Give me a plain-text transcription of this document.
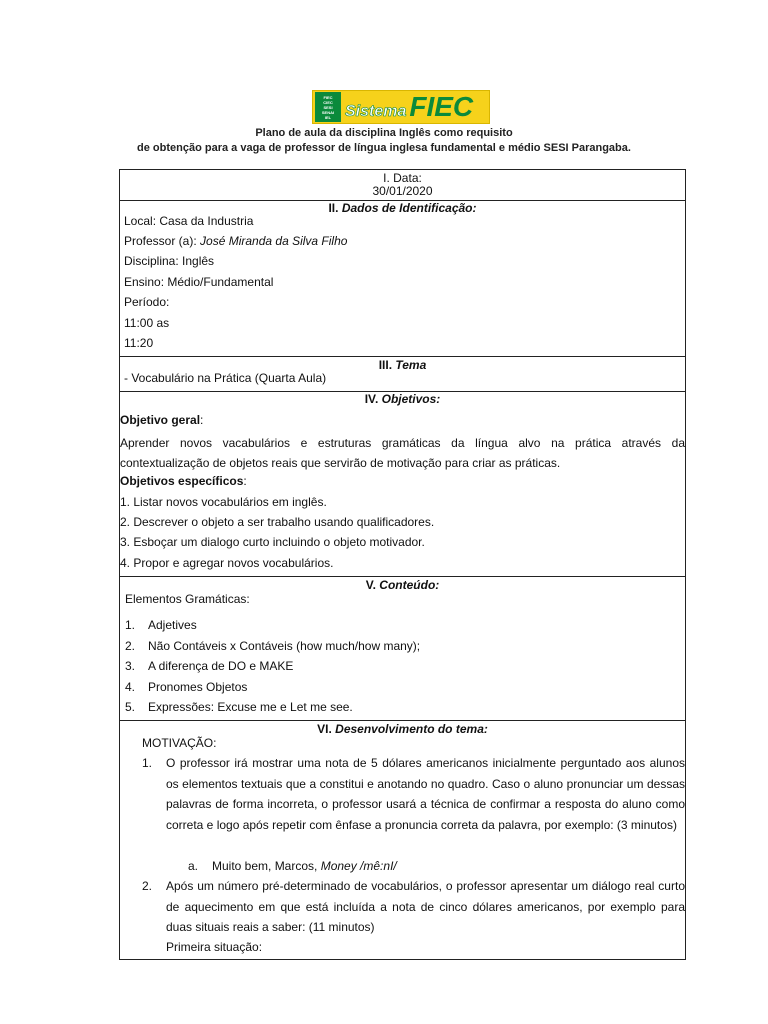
FIEC
CIEC
SESI
SENAI
IEL Sistema FIEC
Plano de aula da disciplina Inglês como requisito
de obtenção para a vaga de professor de língua inglesa fundamental e médio SESI Parangaba.
I. Data:
30/01/2020
II. Dados de Identificação:
Local: Casa da Industria
Professor (a): José Miranda da Silva Filho
Disciplina: Inglês
Ensino: Médio/Fundamental
Período:
11:00 as
11:20
III. Tema
- Vocabulário na Prática (Quarta Aula)
IV. Objetivos:
Objetivo geral:
Aprender novos vacabulários e estruturas gramáticas da língua alvo na prática através da contextualização de objetos reais que servirão de motivação para criar as práticas.
Objetivos específicos:
1. Listar novos vocabulários em inglês.
2. Descrever o objeto a ser trabalho usando qualificadores.
3. Esboçar um dialogo curto incluindo o objeto motivador.
4. Propor e agregar novos vocabulários.
V. Conteúdo:
Elementos Gramáticas:
1. Adjetives
2. Não Contáveis x Contáveis (how much/how many);
3. A diferença de DO e MAKE
4. Pronomes Objetos
5. Expressões: Excuse me e Let me see.
VI. Desenvolvimento do tema:
MOTIVAÇÃO:
1. O professor irá mostrar uma nota de 5 dólares americanos inicialmente perguntado aos alunos os elementos textuais que a constitui e anotando no quadro. Caso o aluno pronunciar um dessas palavras de forma incorreta, o professor usará a técnica de confirmar a resposta do aluno como correta e logo após repetir com ênfase a pronuncia correta da palavra, por exemplo: (3 minutos)
a. Muito bem, Marcos, Money /mê:nI/
2. Após um número pré-determinado de vocabulários, o professor apresentar um diálogo real curto de aquecimento em que está incluída a nota de cinco dólares americanos, por exemplo para duas situais reais a saber: (11 minutos)
Primeira situação:
